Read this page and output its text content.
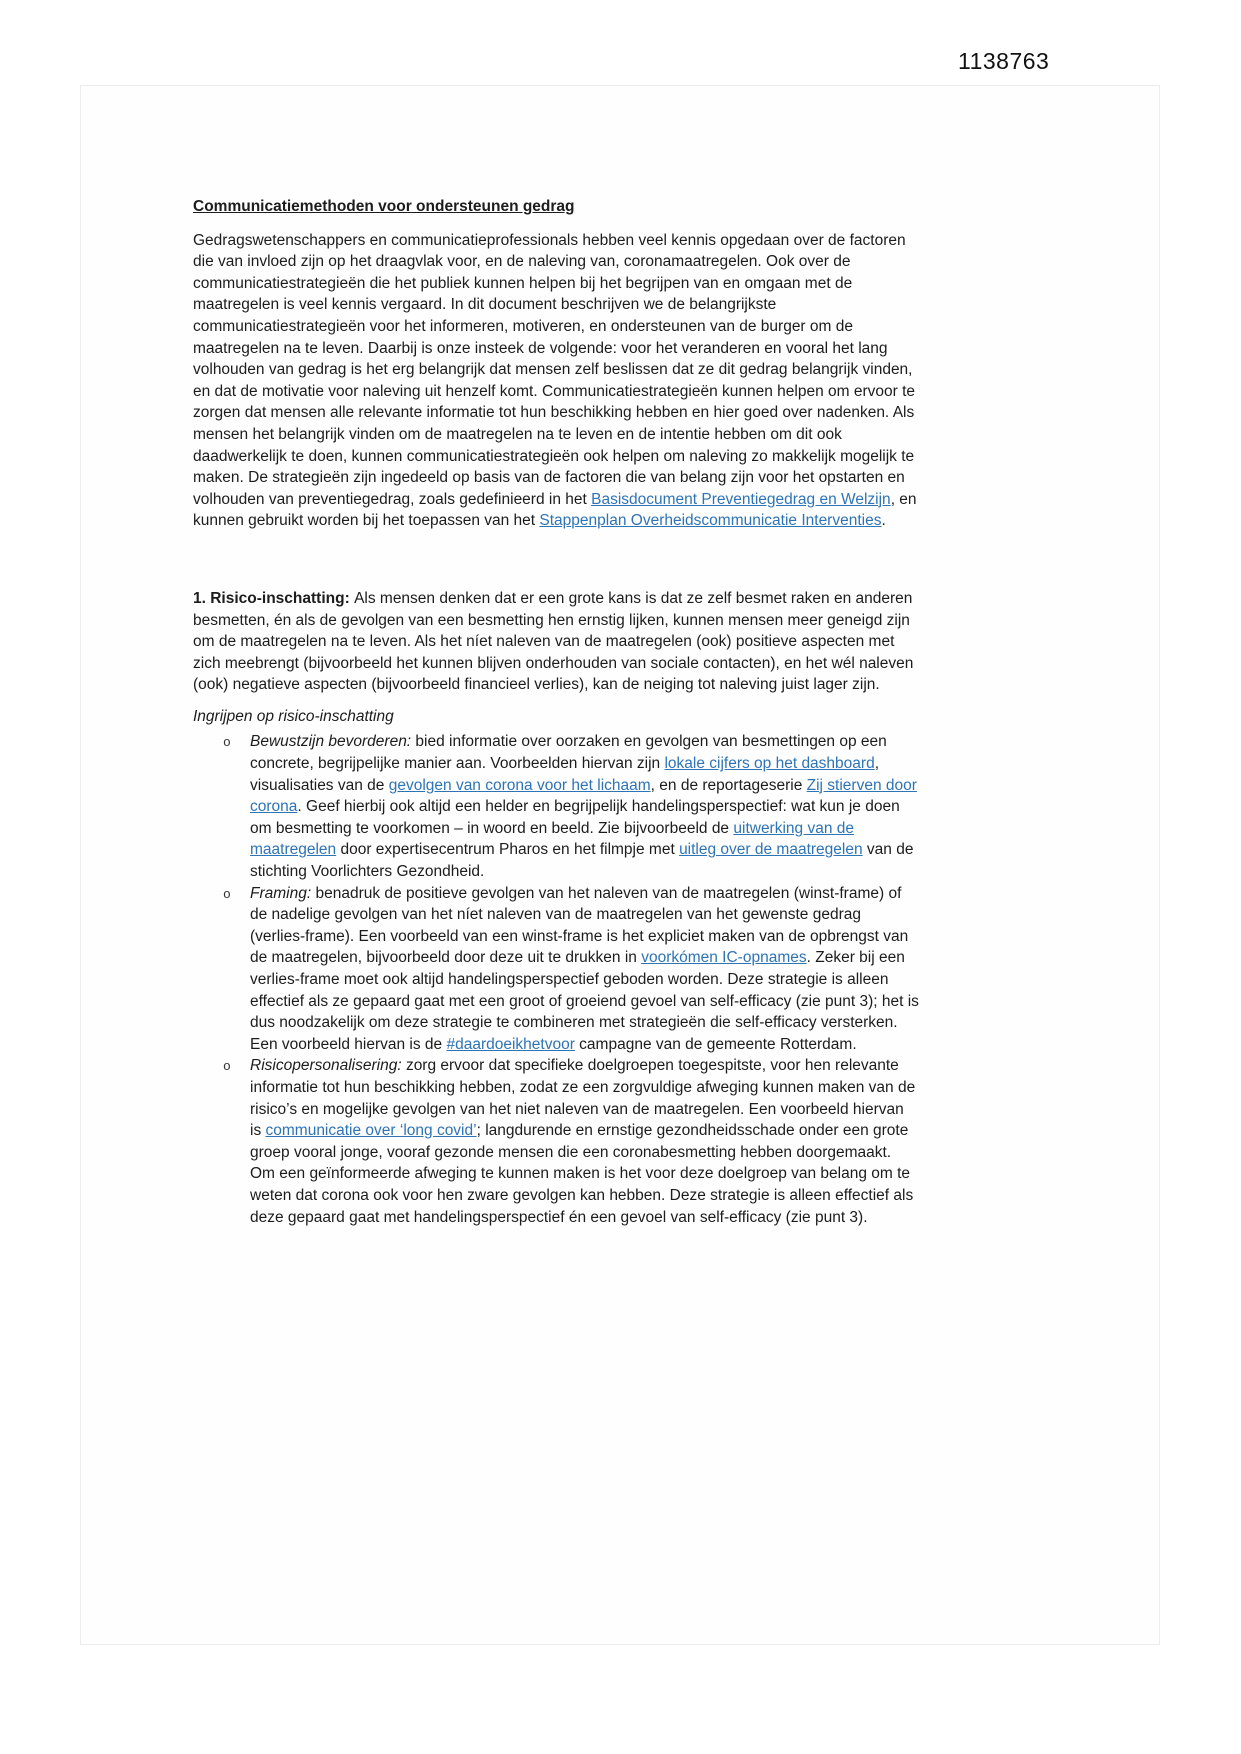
1138763
Communicatiemethoden voor ondersteunen gedrag
Gedragswetenschappers en communicatieprofessionals hebben veel kennis opgedaan over de factoren die van invloed zijn op het draagvlak voor, en de naleving van, coronamaatregelen. Ook over de communicatiestrategieën die het publiek kunnen helpen bij het begrijpen van en omgaan met de maatregelen is veel kennis vergaard. In dit document beschrijven we de belangrijkste communicatiestrategieën voor het informeren, motiveren, en ondersteunen van de burger om de maatregelen na te leven. Daarbij is onze insteek de volgende: voor het veranderen en vooral het lang volhouden van gedrag is het erg belangrijk dat mensen zelf beslissen dat ze dit gedrag belangrijk vinden, en dat de motivatie voor naleving uit henzelf komt. Communicatiestrategieën kunnen helpen om ervoor te zorgen dat mensen alle relevante informatie tot hun beschikking hebben en hier goed over nadenken. Als mensen het belangrijk vinden om de maatregelen na te leven en de intentie hebben om dit ook daadwerkelijk te doen, kunnen communicatiestrategieën ook helpen om naleving zo makkelijk mogelijk te maken. De strategieën zijn ingedeeld op basis van de factoren die van belang zijn voor het opstarten en volhouden van preventiegedrag, zoals gedefinieerd in het Basisdocument Preventiegedrag en Welzijn, en kunnen gebruikt worden bij het toepassen van het Stappenplan Overheidscommunicatie Interventies.
1. Risico-inschatting: Als mensen denken dat er een grote kans is dat ze zelf besmet raken en anderen besmetten, én als de gevolgen van een besmetting hen ernstig lijken, kunnen mensen meer geneigd zijn om de maatregelen na te leven. Als het níet naleven van de maatregelen (ook) positieve aspecten met zich meebrengt (bijvoorbeeld het kunnen blijven onderhouden van sociale contacten), en het wél naleven (ook) negatieve aspecten (bijvoorbeeld financieel verlies), kan de neiging tot naleving juist lager zijn.
Ingrijpen op risico-inschatting
o Bewustzijn bevorderen: bied informatie over oorzaken en gevolgen van besmettingen op een concrete, begrijpelijke manier aan. Voorbeelden hiervan zijn lokale cijfers op het dashboard, visualisaties van de gevolgen van corona voor het lichaam, en de reportageserie Zij stierven door corona. Geef hierbij ook altijd een helder en begrijpelijk handelingsperspectief: wat kun je doen om besmetting te voorkomen – in woord en beeld. Zie bijvoorbeeld de uitwerking van de maatregelen door expertisecentrum Pharos en het filmpje met uitleg over de maatregelen van de stichting Voorlichters Gezondheid.
o Framing: benadruk de positieve gevolgen van het naleven van de maatregelen (winst-frame) of de nadelige gevolgen van het níet naleven van de maatregelen van het gewenste gedrag (verlies-frame). Een voorbeeld van een winst-frame is het expliciet maken van de opbrengst van de maatregelen, bijvoorbeeld door deze uit te drukken in voorkómen IC-opnames. Zeker bij een verlies-frame moet ook altijd handelingsperspectief geboden worden. Deze strategie is alleen effectief als ze gepaard gaat met een groot of groeiend gevoel van self-efficacy (zie punt 3); het is dus noodzakelijk om deze strategie te combineren met strategieën die self-efficacy versterken. Een voorbeeld hiervan is de #daardoeikhetvoor campagne van de gemeente Rotterdam.
o Risicopersonalisering: zorg ervoor dat specifieke doelgroepen toegespitste, voor hen relevante informatie tot hun beschikking hebben, zodat ze een zorgvuldige afweging kunnen maken van de risico’s en mogelijke gevolgen van het niet naleven van de maatregelen. Een voorbeeld hiervan is communicatie over ‘long covid’; langdurende en ernstige gezondheidsschade onder een grote groep vooral jonge, vooraf gezonde mensen die een coronabesmetting hebben doorgemaakt. Om een geïnformeerde afweging te kunnen maken is het voor deze doelgroep van belang om te weten dat corona ook voor hen zware gevolgen kan hebben. Deze strategie is alleen effectief als deze gepaard gaat met handelingsperspectief én een gevoel van self-efficacy (zie punt 3).
